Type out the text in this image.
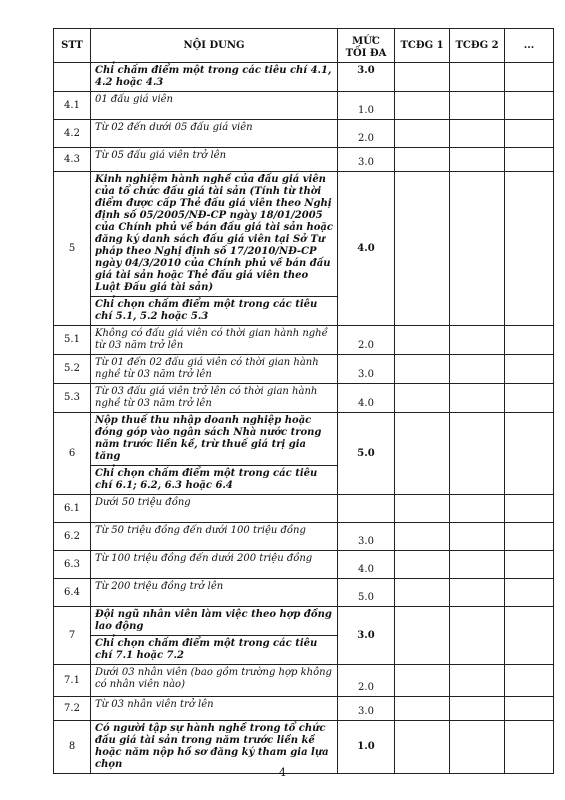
STT	NỘI DUNG	MỨC TỐI ĐA	TCĐG 1	TCĐG 2	...
	Chỉ chấm điểm một trong các tiêu chí 4.1, 4.2 hoặc 4.3	3.0			
4.1	01 đấu giá viên	1.0			
4.2	Từ 02 đến dưới 05 đấu giá viên	2.0			
4.3	Từ 05 đấu giá viên trở lên	3.0			
5	Kinh nghiệm hành nghề của đấu giá viên của tổ chức đấu giá tài sản (Tính từ thời điểm được cấp Thẻ đấu giá viên theo Nghị định số 05/2005/NĐ-CP ngày 18/01/2005 của Chính phủ về bán đấu giá tài sản hoặc đăng ký danh sách đấu giá viên tại Sở Tư pháp theo Nghị định số 17/2010/NĐ-CP ngày 04/3/2010 của Chính phủ về bán đấu giá tài sản hoặc Thẻ đấu giá viên theo Luật Đấu giá tài sản)	4.0			
	Chỉ chọn chấm điểm một trong các tiêu chí 5.1, 5.2 hoặc 5.3				
5.1	Không có đấu giá viên có thời gian hành nghề từ 03 năm trở lên	2.0			
5.2	Từ 01 đến 02 đấu giá viên có thời gian hành nghề từ 03 năm trở lên	3.0			
5.3	Từ 03 đấu giá viên trở lên có thời gian hành nghề từ 03 năm trở lên	4.0			
6	Nộp thuế thu nhập doanh nghiệp hoặc đóng góp vào ngân sách Nhà nước trong năm trước liền kề, trừ thuế giá trị gia tăng	5.0			
	Chỉ chọn chấm điểm một trong các tiêu chí 6.1; 6.2, 6.3 hoặc 6.4				
6.1	Dưới 50 triệu đồng				
6.2	Từ 50 triệu đồng đến dưới 100 triệu đồng	3.0			
6.3	Từ 100 triệu đồng đến dưới 200 triệu đồng	4.0			
6.4	Từ 200 triệu đồng trở lên	5.0			
7	Đội ngũ nhân viên làm việc theo hợp đồng lao động	3.0			
	Chỉ chọn chấm điểm một trong các tiêu chí 7.1 hoặc 7.2				
7.1	Dưới 03 nhân viên (bao gồm trường hợp không có nhân viên nào)	2.0			
7.2	Từ 03 nhân viên trở lên	3.0			
8	Có người tập sự hành nghề trong tổ chức đấu giá tài sản trong năm trước liền kề hoặc năm nộp hồ sơ đăng ký tham gia lựa chọn	1.0			
4
